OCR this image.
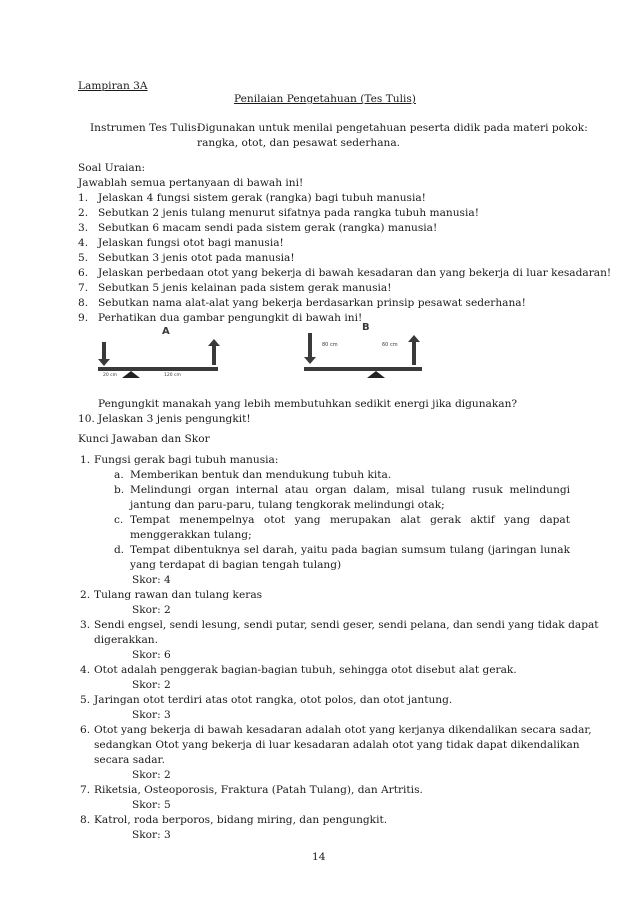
Lampiran 3A
Penilaian Pengetahuan (Tes Tulis)
Instrumen Tes Tulis:
Digunakan untuk menilai pengetahuan peserta didik pada materi pokok:
rangka, otot, dan pesawat sederhana.
Soal Uraian:
Jawablah semua pertanyaan di bawah ini!
1. Jelaskan 4 fungsi sistem gerak (rangka) bagi tubuh manusia!
2. Sebutkan 2 jenis tulang menurut sifatnya pada rangka tubuh manusia!
3. Sebutkan 6 macam sendi pada sistem gerak (rangka) manusia!
4. Jelaskan fungsi otot bagi manusia!
5. Sebutkan 3 jenis otot pada manusia!
6. Jelaskan perbedaan otot yang bekerja di bawah kesadaran dan yang bekerja di luar kesadaran!
7. Sebutkan 5 jenis kelainan pada sistem gerak manusia!
8. Sebutkan nama alat-alat yang bekerja berdasarkan prinsip pesawat sederhana!
9. Perhatikan dua gambar pengungkit di bawah ini!
A
20 cm	120 cm
B
80 cm	60 cm
Pengungkit manakah yang lebih membutuhkan sedikit energi jika digunakan?
10. Jelaskan 3 jenis pengungkit!
Kunci Jawaban dan Skor
1. Fungsi gerak bagi tubuh manusia:
a. Memberikan bentuk dan mendukung tubuh kita.
b. Melindungi organ internal atau organ dalam, misal tulang rusuk melindungi jantung dan paru-paru, tulang tengkorak melindungi otak;
c. Tempat menempelnya otot yang merupakan alat gerak aktif yang dapat menggerakkan tulang;
d. Tempat dibentuknya sel darah, yaitu pada bagian sumsum tulang (jaringan lunak yang terdapat di bagian tengah tulang)
Skor: 4
2. Tulang rawan dan tulang keras
Skor: 2
3. Sendi engsel, sendi lesung, sendi putar, sendi geser, sendi pelana, dan sendi yang tidak dapat
digerakkan.
Skor: 6
4. Otot adalah penggerak bagian-bagian tubuh, sehingga otot disebut alat gerak.
Skor: 2
5. Jaringan otot terdiri atas otot rangka, otot polos, dan otot jantung.
Skor: 3
6. Otot yang bekerja di bawah kesadaran adalah otot yang kerjanya dikendalikan secara sadar,
sedangkan Otot yang bekerja di luar kesadaran adalah otot yang tidak dapat dikendalikan
secara sadar.
Skor: 2
7. Riketsia, Osteoporosis, Fraktura (Patah Tulang), dan Artritis.
Skor: 5
8. Katrol, roda berporos, bidang miring, dan pengungkit.
Skor: 3
14
